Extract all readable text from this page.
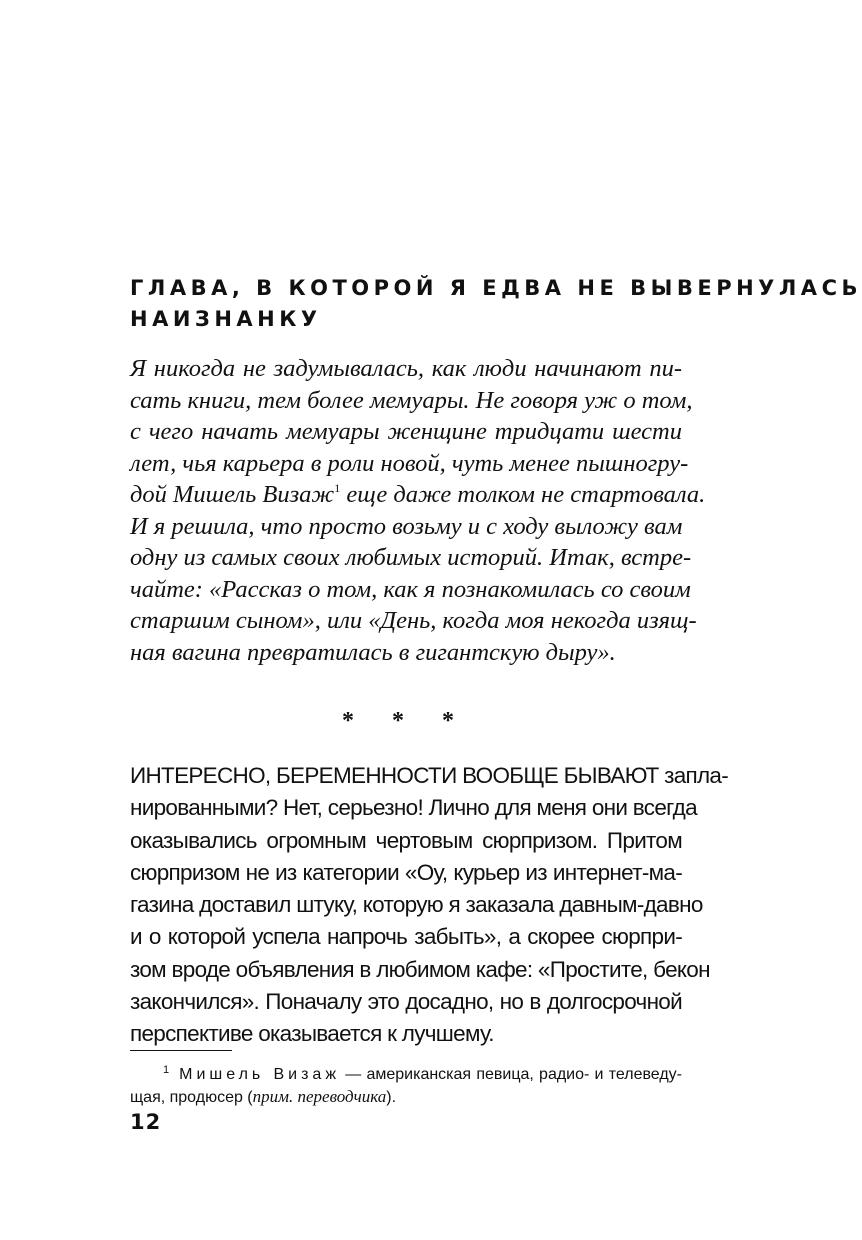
ГЛАВА, В КОТОРОЙ Я ЕДВА НЕ ВЫВЕРНУЛАСЬ
НАИЗНАНКУ
Я никогда не задумывалась, как люди начинают пи-
сать книги, тем более мемуары. Не говоря уж о том,
с чего начать мемуары женщине тридцати шести
лет, чья карьера в роли новой, чуть менее пышногру-
дой Мишель Визаж$^1$ еще даже толком не стартовала.
И я решила, что просто возьму и с ходу выложу вам
одну из самых своих любимых историй. Итак, встре-
чайте: «Рассказ о том, как я познакомилась со своим
старшим сыном», или «День, когда моя некогда изящ-
ная вагина превратилась в гигантскую дыру».
* * *
ИНТЕРЕСНО, БЕРЕМЕННОСТИ ВООБЩЕ БЫВАЮТ запла-
нированными? Нет, серьезно! Лично для меня они всегда
оказывались огромным чертовым сюрпризом. Притом
сюрпризом не из категории «Оу, курьер из интернет-ма-
газина доставил штуку, которую я заказала давным-давно
и о которой успела напрочь забыть», а скорее сюрпри-
зом вроде объявления в любимом кафе: «Простите, бекон
закончился». Поначалу это досадно, но в долгосрочной
перспективе оказывается к лучшему.
$^1$ Мишель Визаж — американская певица, радио- и телеведу-
щая, продюсер (прим. переводчика).
12
